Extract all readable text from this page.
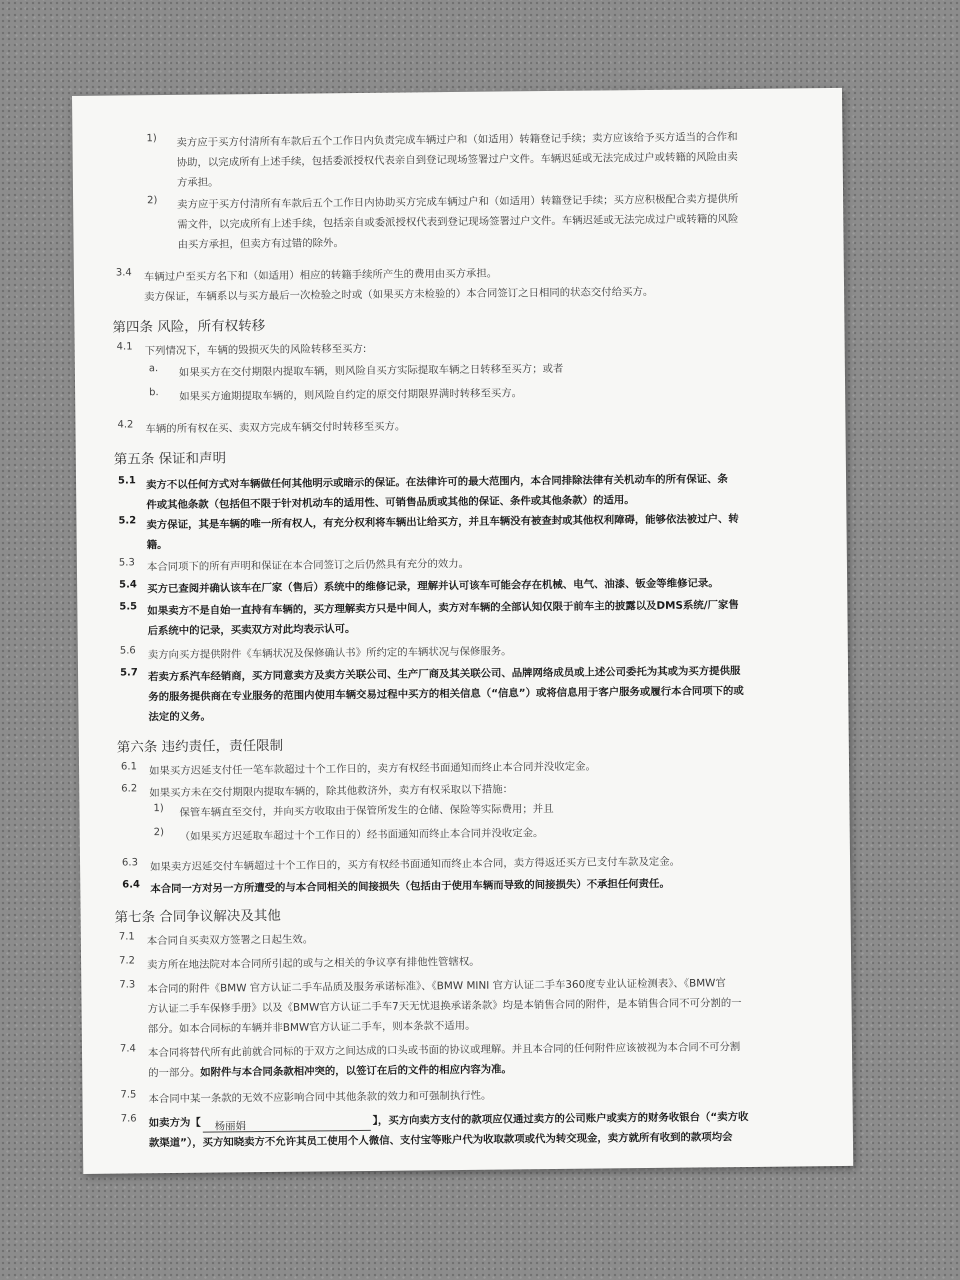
1) 卖方应于买方付清所有车款后五个工作日内负责完成车辆过户和（如适用）转籍登记手续；卖方应该给予买方适当的合作和
协助，以完成所有上述手续，包括委派授权代表亲自到登记现场签署过户文件。车辆迟延或无法完成过户或转籍的风险由卖
方承担。
2) 卖方应于买方付清所有车款后五个工作日内协助买方完成车辆过户和（如适用）转籍登记手续；买方应积极配合卖方提供所
需文件，以完成所有上述手续，包括亲自或委派授权代表到登记现场签署过户文件。车辆迟延或无法完成过户或转籍的风险
由买方承担，但卖方有过错的除外。
3.4 车辆过户至买方名下和（如适用）相应的转籍手续所产生的费用由买方承担。
卖方保证，车辆系以与买方最后一次检验之时或（如果买方未检验的）本合同签订之日相同的状态交付给买方。
第四条 风险，所有权转移
4.1 下列情况下，车辆的毁损灭失的风险转移至买方:
a. 如果买方在交付期限内提取车辆，则风险自买方实际提取车辆之日转移至买方；或者
b. 如果买方逾期提取车辆的，则风险自约定的原交付期限界满时转移至买方。
4.2 车辆的所有权在买、卖双方完成车辆交付时转移至买方。
第五条 保证和声明
5.1 卖方不以任何方式对车辆做任何其他明示或暗示的保证。在法律许可的最大范围内，本合同排除法律有关机动车的所有保证、条
件或其他条款（包括但不限于针对机动车的适用性、可销售品质或其他的保证、条件或其他条款）的适用。
5.2 卖方保证，其是车辆的唯一所有权人，有充分权利将车辆出让给买方，并且车辆没有被查封或其他权利障碍，能够依法被过户、转
籍。
5.3 本合同项下的所有声明和保证在本合同签订之后仍然具有充分的效力。
5.4 买方已查阅并确认该车在厂家（售后）系统中的维修记录，理解并认可该车可能会存在机械、电气、油漆、钣金等维修记录。
5.5 如果卖方不是自始一直持有车辆的，买方理解卖方只是中间人，卖方对车辆的全部认知仅限于前车主的披露以及DMS系统/厂家售
后系统中的记录，买卖双方对此均表示认可。
5.6 卖方向买方提供附件《车辆状况及保修确认书》所约定的车辆状况与保修服务。
5.7 若卖方系汽车经销商，买方同意卖方及卖方关联公司、生产厂商及其关联公司、品牌网络成员或上述公司委托为其或为买方提供服
务的服务提供商在专业服务的范围内使用车辆交易过程中买方的相关信息（“信息”）或将信息用于客户服务或履行本合同项下的或
法定的义务。
第六条 违约责任，责任限制
6.1 如果买方迟延支付任一笔车款超过十个工作日的，卖方有权经书面通知而终止本合同并没收定金。
6.2 如果买方未在交付期限内提取车辆的，除其他救济外，卖方有权采取以下措施：
1) 保管车辆直至交付，并向买方收取由于保管所发生的仓储、保险等实际费用；并且
2) （如果买方迟延取车超过十个工作日的）经书面通知而终止本合同并没收定金。
6.3 如果卖方迟延交付车辆超过十个工作日的，买方有权经书面通知而终止本合同，卖方得返还买方已支付车款及定金。
6.4 本合同一方对另一方所遭受的与本合同相关的间接损失（包括由于使用车辆而导致的间接损失）不承担任何责任。
第七条 合同争议解决及其他
7.1 本合同自买卖双方签署之日起生效。
7.2 卖方所在地法院对本合同所引起的或与之相关的争议享有排他性管辖权。
7.3 本合同的附件《BMW 官方认证二手车品质及服务承诺标准》、《BMW MINI 官方认证二手车360度专业认证检测表》、《BMW官
方认证二手车保修手册》以及《BMW官方认证二手车7天无忧退换承诺条款》均是本销售合同的附件，是本销售合同不可分割的一
部分。如本合同标的车辆并非BMW官方认证二手车，则本条款不适用。
7.4 本合同将替代所有此前就合同标的于双方之间达成的口头或书面的协议或理解。并且本合同的任何附件应该被视为本合同不可分割
的一部分。如附件与本合同条款相冲突的，以签订在后的文件的相应内容为准。
7.5 本合同中某一条款的无效不应影响合同中其他条款的效力和可强制执行性。
7.6 如卖方为【 杨丽娟	】，买方向卖方支付的款项应仅通过卖方的公司账户或卖方的财务收银台（“卖方收
款渠道”），买方知晓卖方不允许其员工使用个人微信、支付宝等账户代为收取款项或代为转交现金，卖方就所有收到的款项均会
